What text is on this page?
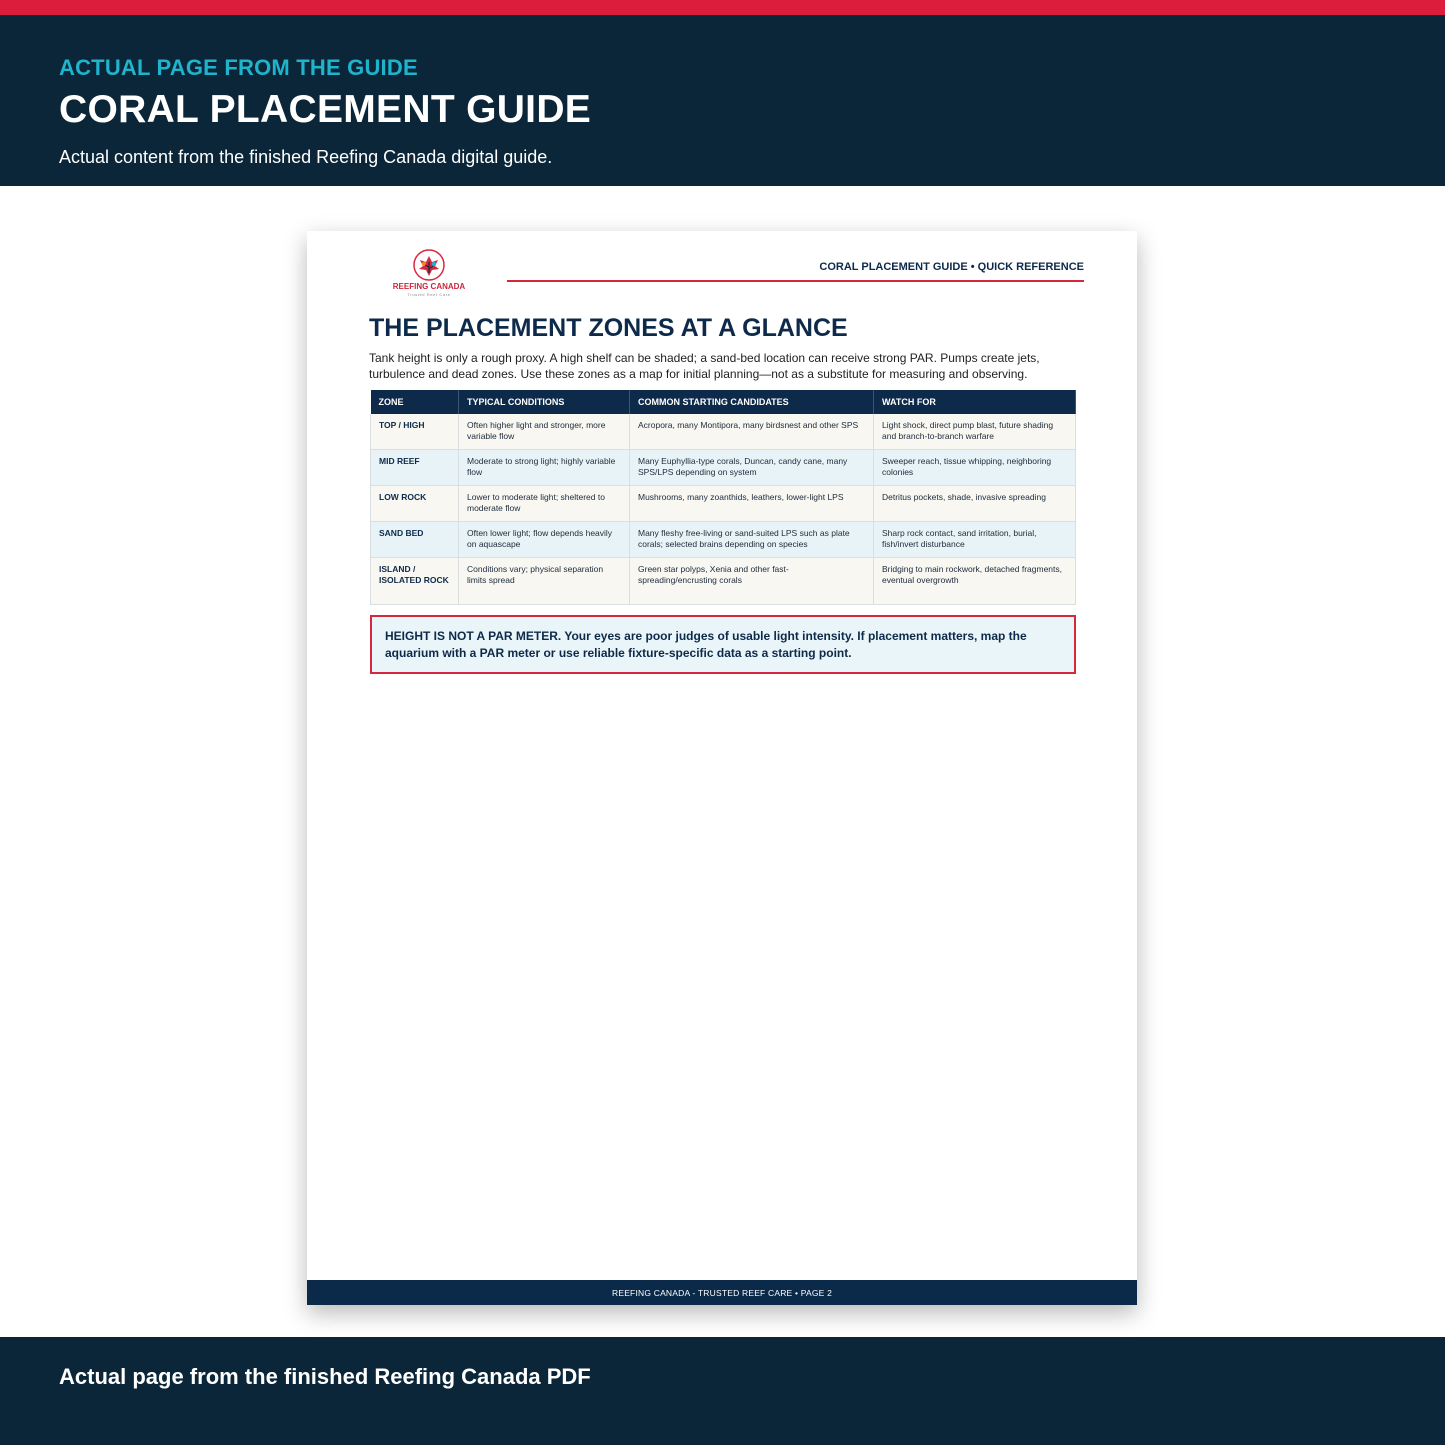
ACTUAL PAGE FROM THE GUIDE
CORAL PLACEMENT GUIDE
Actual content from the finished Reefing Canada digital guide.
REEFING CANADA
Trusted Reef Care
CORAL PLACEMENT GUIDE • QUICK REFERENCE
THE PLACEMENT ZONES AT A GLANCE
Tank height is only a rough proxy. A high shelf can be shaded; a sand-bed location can receive strong PAR. Pumps create jets, turbulence and dead zones. Use these zones as a map for initial planning—not as a substitute for measuring and observing.
ZONE	TYPICAL CONDITIONS	COMMON STARTING CANDIDATES	WATCH FOR
TOP / HIGH	Often higher light and stronger, more variable flow	Acropora, many Montipora, many birdsnest and other SPS	Light shock, direct pump blast, future shading and branch-to-branch warfare
MID REEF	Moderate to strong light; highly variable flow	Many Euphyllia-type corals, Duncan, candy cane, many SPS/LPS depending on system	Sweeper reach, tissue whipping, neighboring colonies
LOW ROCK	Lower to moderate light; sheltered to moderate flow	Mushrooms, many zoanthids, leathers, lower-light LPS	Detritus pockets, shade, invasive spreading
SAND BED	Often lower light; flow depends heavily on aquascape	Many fleshy free-living or sand-suited LPS such as plate corals; selected brains depending on species	Sharp rock contact, sand irritation, burial, fish/invert disturbance
ISLAND / ISOLATED ROCK	Conditions vary; physical separation limits spread	Green star polyps, Xenia and other fast-spreading/encrusting corals	Bridging to main rockwork, detached fragments, eventual overgrowth
HEIGHT IS NOT A PAR METER. Your eyes are poor judges of usable light intensity. If placement matters, map the aquarium with a PAR meter or use reliable fixture-specific data as a starting point.
REEFING CANADA - TRUSTED REEF CARE • PAGE 2
Actual page from the finished Reefing Canada PDF
